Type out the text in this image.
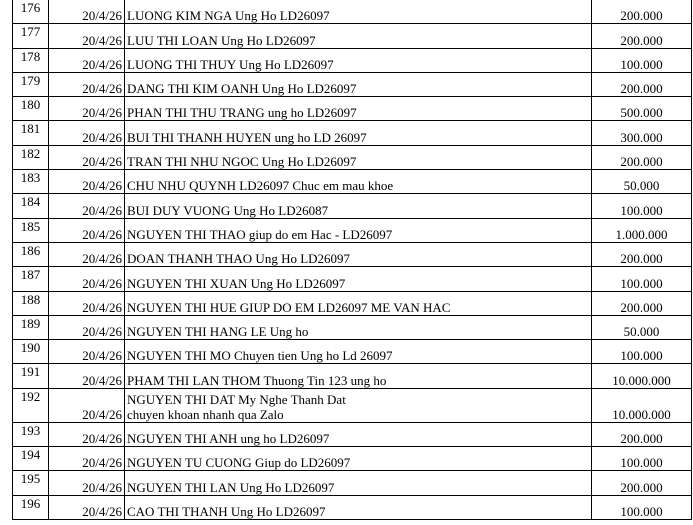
176	20/4/26	LUONG KIM NGA Ung Ho LD26097	200.000
177	20/4/26	LUU THI LOAN Ung Ho LD26097	200.000
178	20/4/26	LUONG THI THUY Ung Ho LD26097	100.000
179	20/4/26	DANG THI KIM OANH Ung Ho LD26097	200.000
180	20/4/26	PHAN THI THU TRANG ung ho LD26097	500.000
181	20/4/26	BUI THI THANH HUYEN ung ho LD 26097	300.000
182	20/4/26	TRAN THI NHU NGOC Ung Ho LD26097	200.000
183	20/4/26	CHU NHU QUYNH LD26097 Chuc em mau khoe	50.000
184	20/4/26	BUI DUY VUONG Ung Ho LD26087	100.000
185	20/4/26	NGUYEN THI THAO giup do em Hac - LD26097	1.000.000
186	20/4/26	DOAN THANH THAO Ung Ho LD26097	200.000
187	20/4/26	NGUYEN THI XUAN Ung Ho LD26097	100.000
188	20/4/26	NGUYEN THI HUE GIUP DO EM LD26097 ME VAN HAC	200.000
189	20/4/26	NGUYEN THI HANG LE Ung ho	50.000
190	20/4/26	NGUYEN THI MO Chuyen tien Ung ho Ld 26097	100.000
191	20/4/26	PHAM THI LAN THOM Thuong Tin 123 ung ho	10.000.000
192	20/4/26	NGUYEN THI DAT My Nghe Thanh Dat
chuyen khoan nhanh qua Zalo	10.000.000
193	20/4/26	NGUYEN THI ANH ung ho LD26097	200.000
194	20/4/26	NGUYEN TU CUONG Giup do LD26097	100.000
195	20/4/26	NGUYEN THI LAN Ung Ho LD26097	200.000
196	20/4/26	CAO THI THANH Ung Ho LD26097	100.000
